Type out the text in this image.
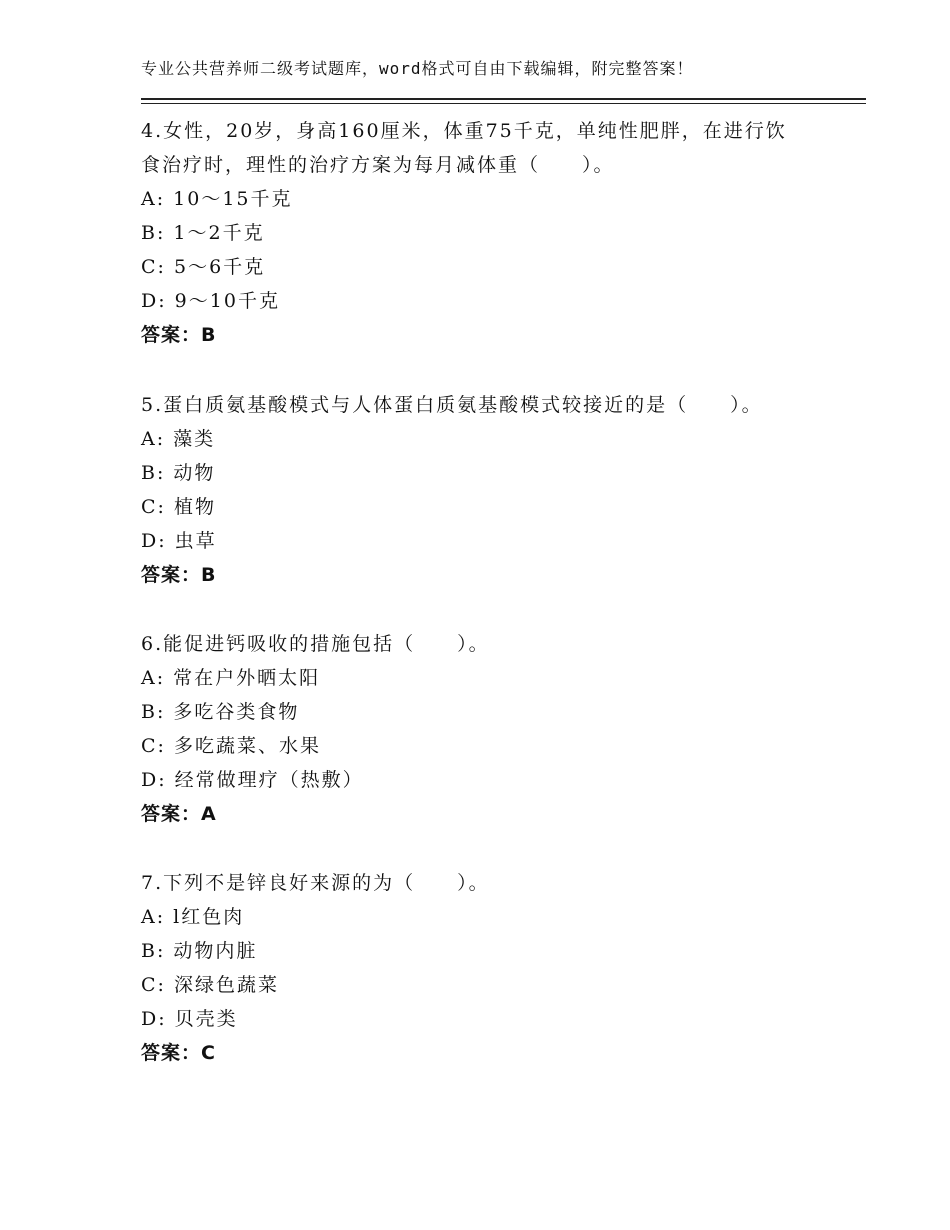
专业公共营养师二级考试题库，word格式可自由下载编辑，附完整答案！
4.女性，20岁，身高160厘米，体重75千克，单纯性肥胖，在进行饮
食治疗时，理性的治疗方案为每月减体重（　　）。
A: 10～15千克
B: 1～2千克
C: 5～6千克
D: 9～10千克
答案：B
5.蛋白质氨基酸模式与人体蛋白质氨基酸模式较接近的是（　　）。
A: 藻类
B: 动物
C: 植物
D: 虫草
答案：B
6.能促进钙吸收的措施包括（　　）。
A: 常在户外晒太阳
B: 多吃谷类食物
C: 多吃蔬菜、水果
D: 经常做理疗（热敷）
答案：A
7.下列不是锌良好来源的为（　　）。
A: l红色肉
B: 动物内脏
C: 深绿色蔬菜
D: 贝壳类
答案：C
